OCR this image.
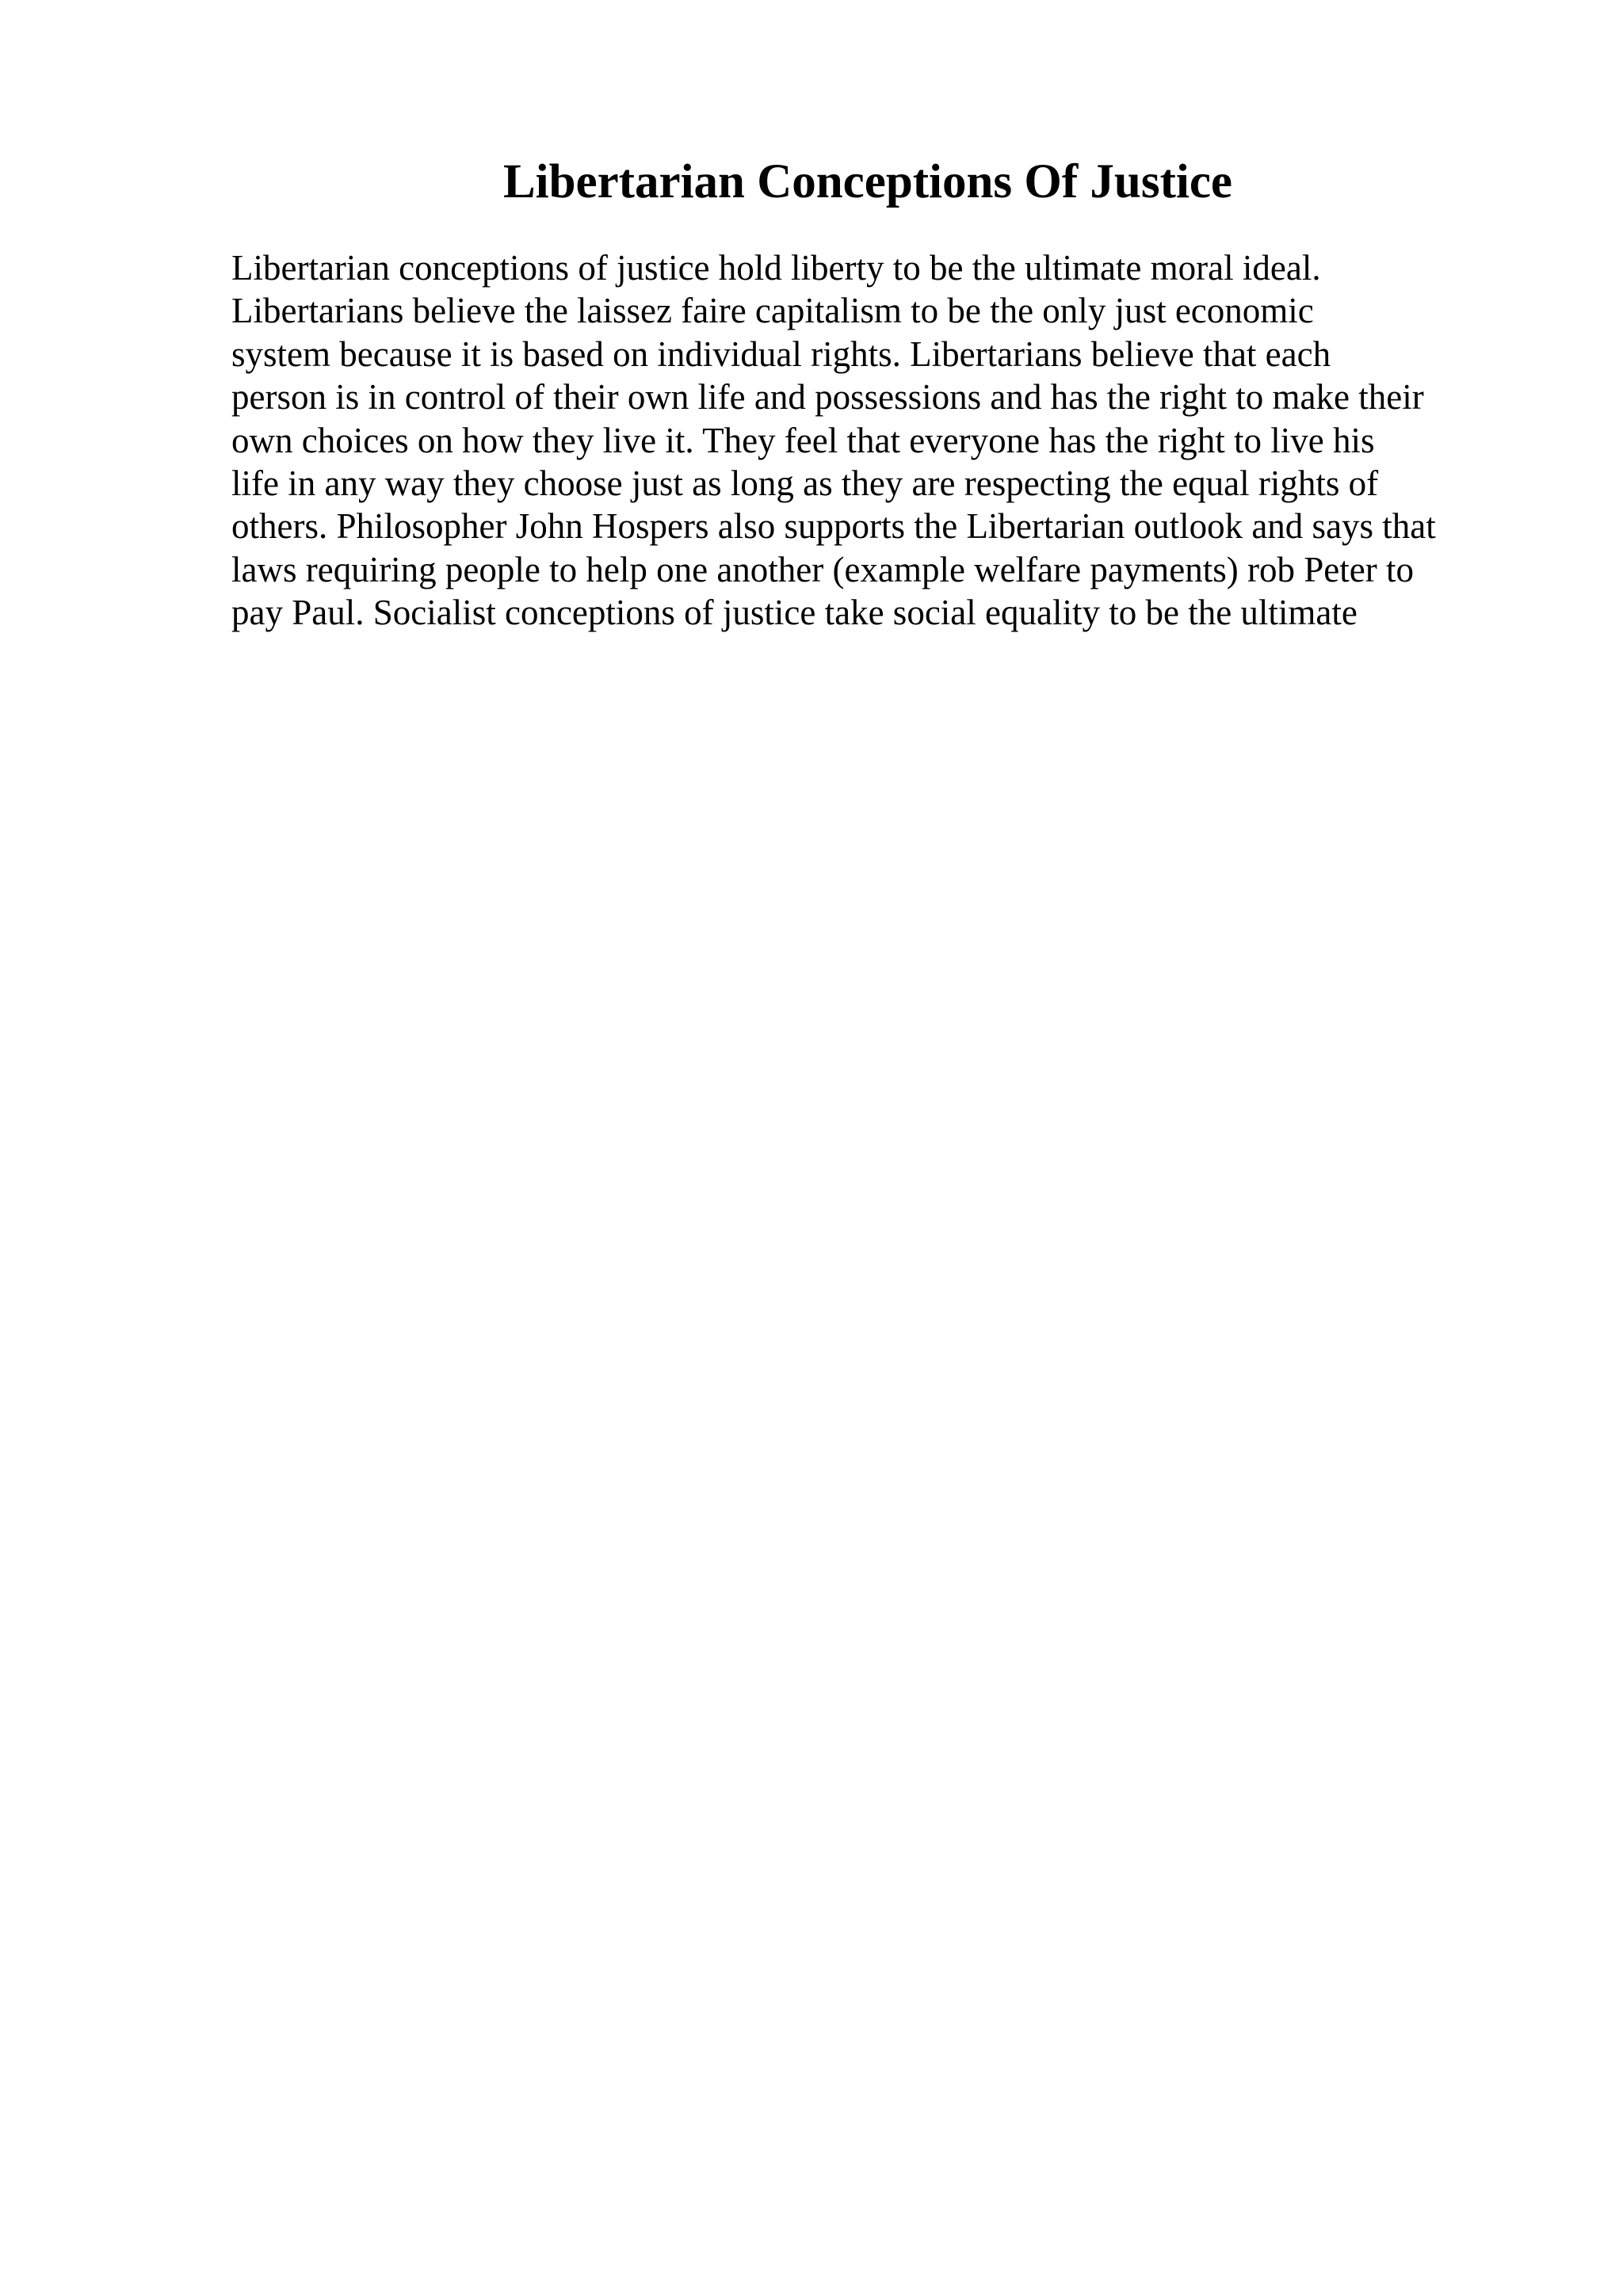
Libertarian Conceptions Of Justice
Libertarian conceptions of justice hold liberty to be the ultimate moral ideal.
Libertarians believe the laissez faire capitalism to be the only just economic
system because it is based on individual rights. Libertarians believe that each
person is in control of their own life and possessions and has the right to make their
own choices on how they live it. They feel that everyone has the right to live his
life in any way they choose just as long as they are respecting the equal rights of
others. Philosopher John Hospers also supports the Libertarian outlook and says that
laws requiring people to help one another (example welfare payments) rob Peter to
pay Paul. Socialist conceptions of justice take social equality to be the ultimate
